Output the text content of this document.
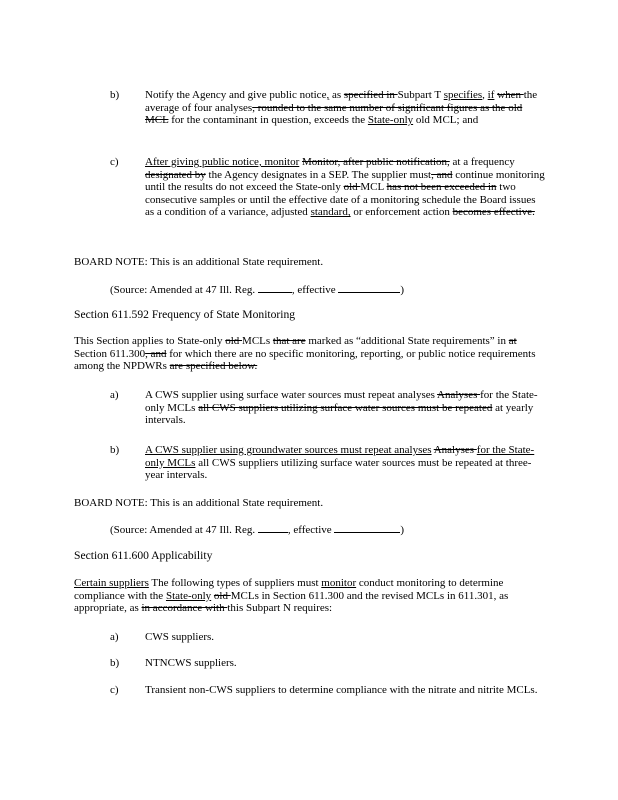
b) Notify the Agency and give public notice, as specified in Subpart T specifies, if when the average of four analyses, rounded to the same number of significant figures as the old MCL for the contaminant in question, exceeds the State-only old MCL; and

c) After giving public notice, monitor Monitor, after public notification, at a frequency designated by the Agency designates in a SEP. The supplier must, and continue monitoring until the results do not exceed the State-only old MCL has not been exceeded in two consecutive samples or until the effective date of a monitoring schedule the Board issues as a condition of a variance, adjusted standard, or enforcement action becomes effective.

BOARD NOTE: This is an additional State requirement.

(Source: Amended at 47 Ill. Reg.	, effective	)

Section 611.592 Frequency of State Monitoring

This Section applies to State-only old MCLs that are marked as “additional State requirements” in at Section 611.300, and for which there are no specific monitoring, reporting, or public notice requirements among the NPDWRs are specified below.

a) A CWS supplier using surface water sources must repeat analyses Analyses for the State-only MCLs all CWS suppliers utilizing surface water sources must be repeated at yearly intervals.

b) A CWS supplier using groundwater sources must repeat analyses Analyses for the State-only MCLs all CWS suppliers utilizing surface water sources must be repeated at three-year intervals.

BOARD NOTE: This is an additional State requirement.

(Source: Amended at 47 Ill. Reg.	, effective	)

Section 611.600 Applicability

Certain suppliers The following types of suppliers must monitor conduct monitoring to determine compliance with the State-only old MCLs in Section 611.300 and the revised MCLs in 611.301, as appropriate, as in accordance with this Subpart N requires:

a) CWS suppliers.

b) NTNCWS suppliers.

c) Transient non-CWS suppliers to determine compliance with the nitrate and nitrite MCLs.
